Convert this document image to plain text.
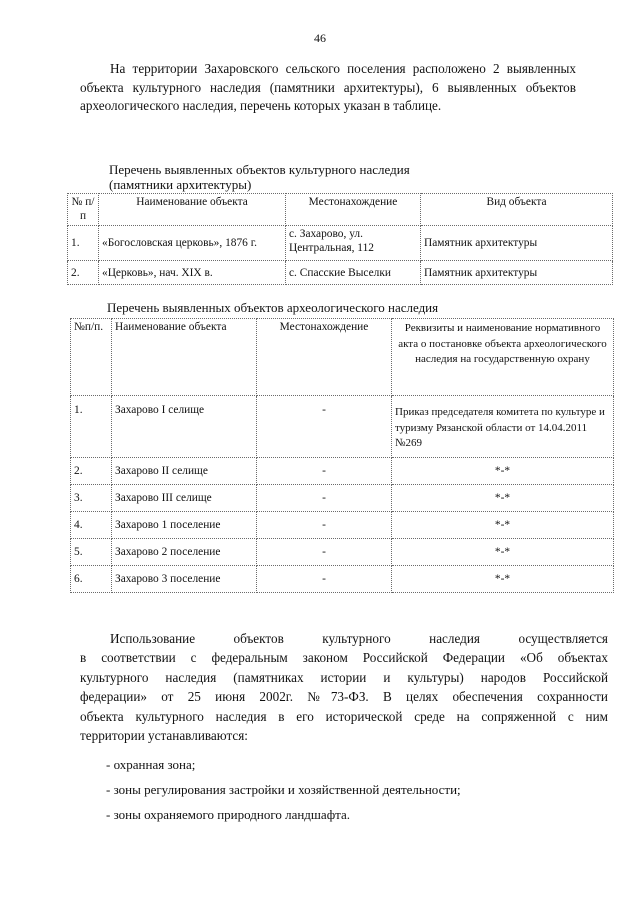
46
На территории Захаровского сельского поселения расположено 2 выявленных
объекта культурного наследия (памятники архитектуры), 6 выявленных объектов
археологического наследия, перечень которых указан в таблице.
Перечень выявленных объектов культурного наследия
(памятники архитектуры)
№ п/п	Наименование объекта	Местонахождение	Вид объекта
1.	«Богословская церковь», 1876 г.	с. Захарово, ул. Центральная, 112	Памятник архитектуры
2.	«Церковь», нач. XIX в.	с. Спасские Выселки	Памятник архитектуры
Перечень выявленных объектов археологического наследия
№п/п.	Наименование объекта	Местонахождение	Реквизиты и наименование нормативного акта о постановке объекта археологического наследия на государственную охрану
1.	Захарово I селище	-	Приказ председателя комитета по культуре и туризму Рязанской области от 14.04.2011 №269
2.	Захарово II селище	-	*-*
3.	Захарово III селище	-	*-*
4.	Захарово 1 поселение	-	*-*
5.	Захарово 2 поселение	-	*-*
6.	Захарово 3 поселение	-	*-*
Использование объектов культурного наследия осуществляется
в соответствии с федеральным законом Российской Федерации «Об объектах
культурного наследия (памятниках истории и культуры) народов Российской
федерации» от 25 июня 2002г. №73-ФЗ. В целях обеспечения сохранности
объекта культурного наследия в его исторической среде на сопряженной с ним
территории устанавливаются:
- охранная зона;
- зоны регулирования застройки и хозяйственной деятельности;
- зоны охраняемого природного ландшафта.
